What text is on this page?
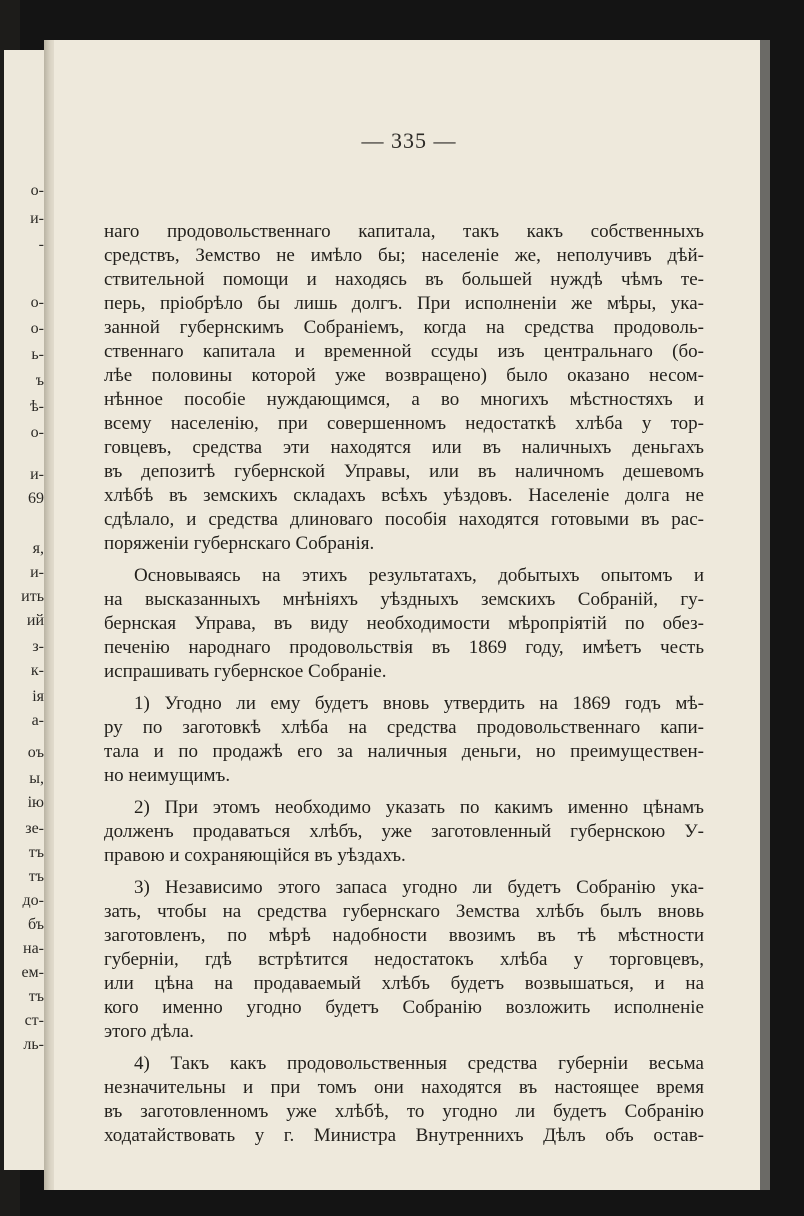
о-
и-
-
о-
о-
ь-
ъ
ѣ-
о-
и-
69
я,
и-
ить
ий
з-
к-
ія
а-
оъ
ы,
ію
зе-
тъ
тъ
до-
бъ
на-
ем-
тъ
ст-
ль-
— 335 —
наго продовольственнаго капитала, такъ какъ собственныхъ
средствъ, Земство не имѣло бы; населеніе же, неполучивъ дѣй-
ствительной помощи и находясь въ большей нуждѣ чѣмъ те-
перь, пріобрѣло бы лишь долгъ. При исполненіи же мѣры, ука-
занной губернскимъ Собраніемъ, когда на средства продоволь-
ственнаго капитала и временной ссуды изъ центральнаго (бо-
лѣе половины которой уже возвращено) было оказано несом-
нѣнное пособіе нуждающимся, а во многихъ мѣстностяхъ и
всему населенію, при совершенномъ недостаткѣ хлѣба у тор-
говцевъ, средства эти находятся или въ наличныхъ деньгахъ
въ депозитѣ губернской Управы, или въ наличномъ дешевомъ
хлѣбѣ въ земскихъ складахъ всѣхъ уѣздовъ. Населеніе долга не
сдѣлало, и средства длиноваго пособія находятся готовыми въ рас-
поряженіи губернскаго Собранія.
Основываясь на этихъ результатахъ, добытыхъ опытомъ и
на высказанныхъ мнѣніяхъ уѣздныхъ земскихъ Собраній, гу-
бернская Управа, въ виду необходимости мѣропріятій по обез-
печенію народнаго продовольствія въ 1869 году, имѣетъ честь
испрашивать губернское Собраніе.
1) Угодно ли ему будетъ вновь утвердить на 1869 годъ мѣ-
ру по заготовкѣ хлѣба на средства продовольственнаго капи-
тала и по продажѣ его за наличныя деньги, но преимуществен-
но неимущимъ.
2) При этомъ необходимо указать по какимъ именно цѣнамъ
долженъ продаваться хлѣбъ, уже заготовленный губернскою У-
правою и сохраняющійся въ уѣздахъ.
3) Независимо этого запаса угодно ли будетъ Собранію ука-
зать, чтобы на средства губернскаго Земства хлѣбъ былъ вновь
заготовленъ, по мѣрѣ надобности ввозимъ въ тѣ мѣстности
губерніи, гдѣ встрѣтится недостатокъ хлѣба у торговцевъ,
или цѣна на продаваемый хлѣбъ будетъ возвышаться, и на
кого именно угодно будетъ Собранію возложить исполненіе
этого дѣла.
4) Такъ какъ продовольственныя средства губерніи весьма
незначительны и при томъ они находятся въ настоящее время
въ заготовленномъ уже хлѣбѣ, то угодно ли будетъ Собранію
ходатайствовать у г. Министра Внутреннихъ Дѣлъ объ остав-
